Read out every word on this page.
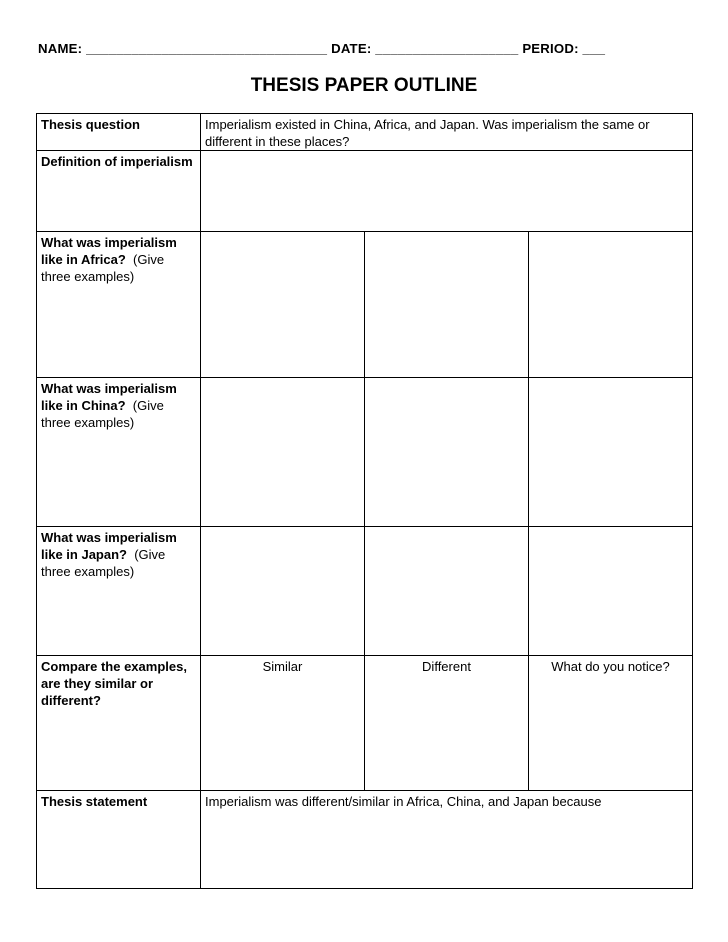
NAME: ________________________________ DATE: ___________________ PERIOD: ___
THESIS PAPER OUTLINE
Thesis question	Imperialism existed in China, Africa, and Japan. Was imperialism the same or different in these places?		
Definition of imperialism			
What was imperialism like in Africa? (Give three examples)			
What was imperialism like in China? (Give three examples)			
What was imperialism like in Japan? (Give three examples)			
Compare the examples, are they similar or different?	Similar	Different	What do you notice?
Thesis statement	Imperialism was different/similar in Africa, China, and Japan because		
